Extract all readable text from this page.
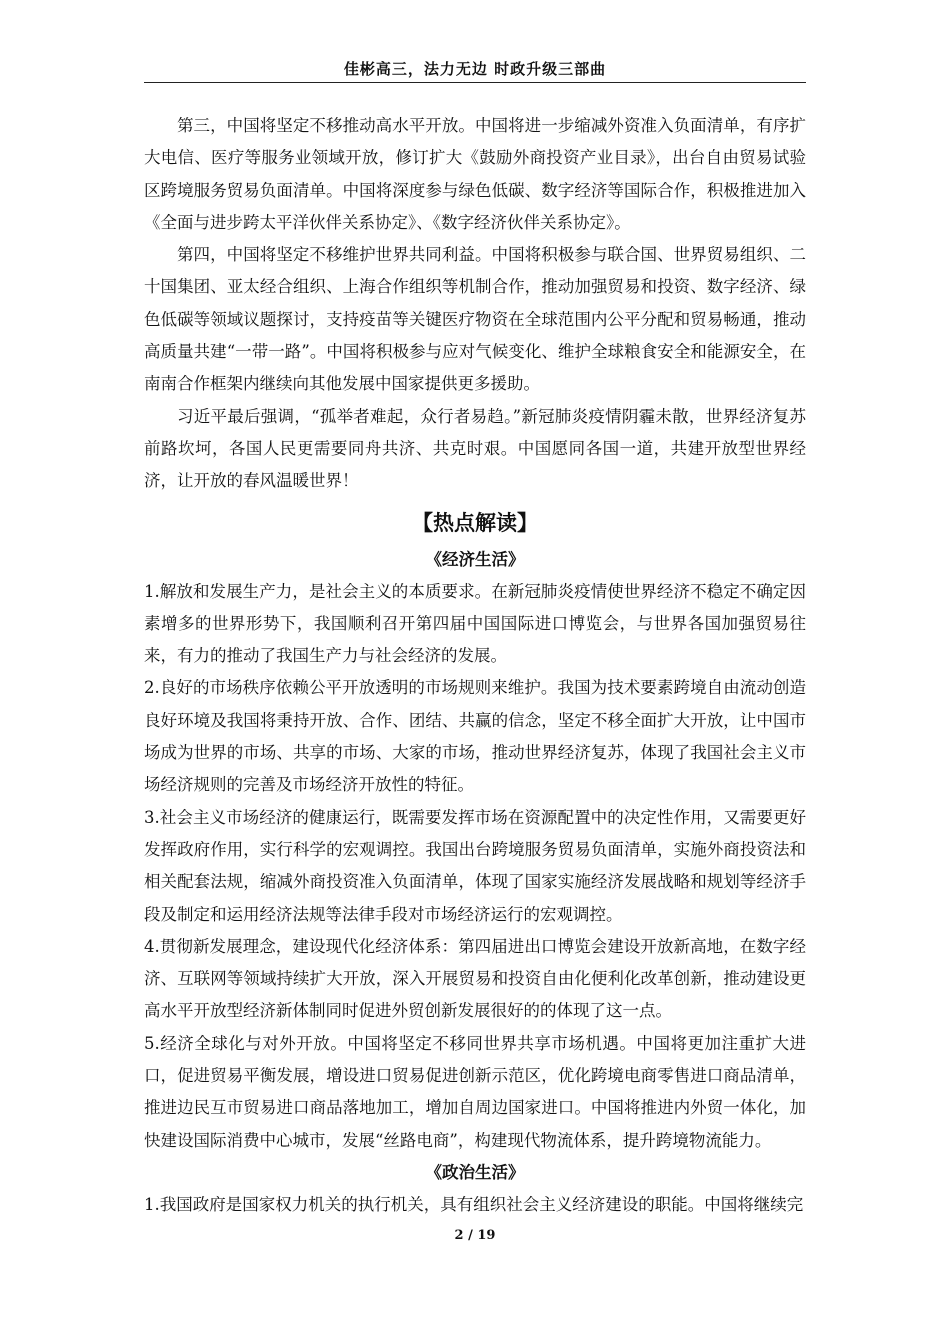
佳彬高三，法力无边 时政升级三部曲

第三，中国将坚定不移推动高水平开放。中国将进一步缩减外资准入负面清单，有序扩大电信、医疗等服务业领域开放，修订扩大《鼓励外商投资产业目录》，出台自由贸易试验区跨境服务贸易负面清单。中国将深度参与绿色低碳、数字经济等国际合作，积极推进加入《全面与进步跨太平洋伙伴关系协定》、《数字经济伙伴关系协定》。

第四，中国将坚定不移维护世界共同利益。中国将积极参与联合国、世界贸易组织、二十国集团、亚太经合组织、上海合作组织等机制合作，推动加强贸易和投资、数字经济、绿色低碳等领域议题探讨，支持疫苗等关键医疗物资在全球范围内公平分配和贸易畅通，推动高质量共建“一带一路”。中国将积极参与应对气候变化、维护全球粮食安全和能源安全，在南南合作框架内继续向其他发展中国家提供更多援助。

习近平最后强调，“孤举者难起，众行者易趋。”新冠肺炎疫情阴霾未散，世界经济复苏前路坎坷，各国人民更需要同舟共济、共克时艰。中国愿同各国一道，共建开放型世界经济，让开放的春风温暖世界！

【热点解读】
《经济生活》

1.解放和发展生产力，是社会主义的本质要求。在新冠肺炎疫情使世界经济不稳定不确定因素增多的世界形势下，我国顺利召开第四届中国国际进口博览会，与世界各国加强贸易往来，有力的推动了我国生产力与社会经济的发展。

2.良好的市场秩序依赖公平开放透明的市场规则来维护。我国为技术要素跨境自由流动创造良好环境及我国将秉持开放、合作、团结、共赢的信念，坚定不移全面扩大开放，让中国市场成为世界的市场、共享的市场、大家的市场，推动世界经济复苏，体现了我国社会主义市场经济规则的完善及市场经济开放性的特征。

3.社会主义市场经济的健康运行，既需要发挥市场在资源配置中的决定性作用，又需要更好发挥政府作用，实行科学的宏观调控。我国出台跨境服务贸易负面清单，实施外商投资法和相关配套法规，缩减外商投资准入负面清单，体现了国家实施经济发展战略和规划等经济手段及制定和运用经济法规等法律手段对市场经济运行的宏观调控。

4.贯彻新发展理念，建设现代化经济体系：第四届进出口博览会建设开放新高地，在数字经济、互联网等领域持续扩大开放，深入开展贸易和投资自由化便利化改革创新，推动建设更高水平开放型经济新体制同时促进外贸创新发展很好的的体现了这一点。

5.经济全球化与对外开放。中国将坚定不移同世界共享市场机遇。中国将更加注重扩大进口，促进贸易平衡发展，增设进口贸易促进创新示范区，优化跨境电商零售进口商品清单，推进边民互市贸易进口商品落地加工，增加自周边国家进口。中国将推进内外贸一体化，加快建设国际消费中心城市，发展“丝路电商”，构建现代物流体系，提升跨境物流能力。

《政治生活》

1.我国政府是国家权力机关的执行机关，具有组织社会主义经济建设的职能。中国将继续完

2 / 19
